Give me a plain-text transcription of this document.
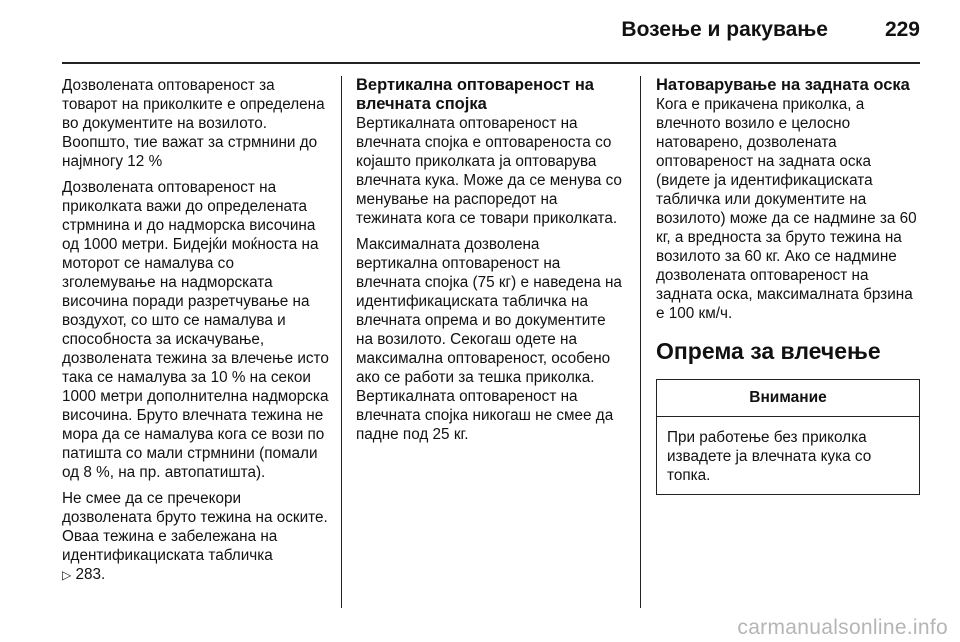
Возење и ракување	229

Дозволената оптовареност за товарот на приколките е определена во документите на возилото. Воопшто, тие важат за стрмнини до најмногу 12 %

Дозволената оптовареност на приколката важи до определената стрмнина и до надморска височина од 1000 метри. Бидејќи моќноста на моторот се намалува со зголемувањe на надморската височина поради разретчувањe на воздухот, со што се намалува и способноста за искачувањe, дозволената тежина за влечењe исто така се намалува за 10 % на секои 1000 метри дополнителна надморска височина. Бруто влечната тежина не мора да се намалува кога се вози по патишта со мали стрмнини (помали од 8 %, на пр. автопатишта).

Не смее да се пречекори дозволената бруто тежина на оските. Оваа тежина е забележана на идентификациската табличка
▷ 283.

Вертикална оптовареност на влечната спојка

Вертикалната оптовареност на влечната спојка е оптовареноста со којашто приколката ја оптоварува влечната кука. Може да се менува со менувањe на распоредот на тежината кога се товари приколката.

Максималната дозволена вертикална оптовареност на влечната спојка (75 кг) е наведена на идентификациската табличка на влечната опрема и во документите на возилото. Секогаш одете на максимална оптовареност, особено ако се работи за тешка приколка. Вертикалната оптовареност на влечната спојка никогаш не смее да падне под 25 кг.

Натоварувањe на задната оска

Кога е прикачена приколка, а влечното возило е целосно натоварено, дозволената оптовареност на задната оска (видете ја идентификациската табличка или документите на возилото) може да се надмине за 60 кг, а вредноста за бруто тежина на возилото за 60 кг. Ако се надмине дозволената оптовареност на задната оска, максималната брзина е 100 км/ч.

Опрема за влечењe
Внимание
При работењe без приколка извадете ја влечната кука со топка.
carmanualsonline.info
